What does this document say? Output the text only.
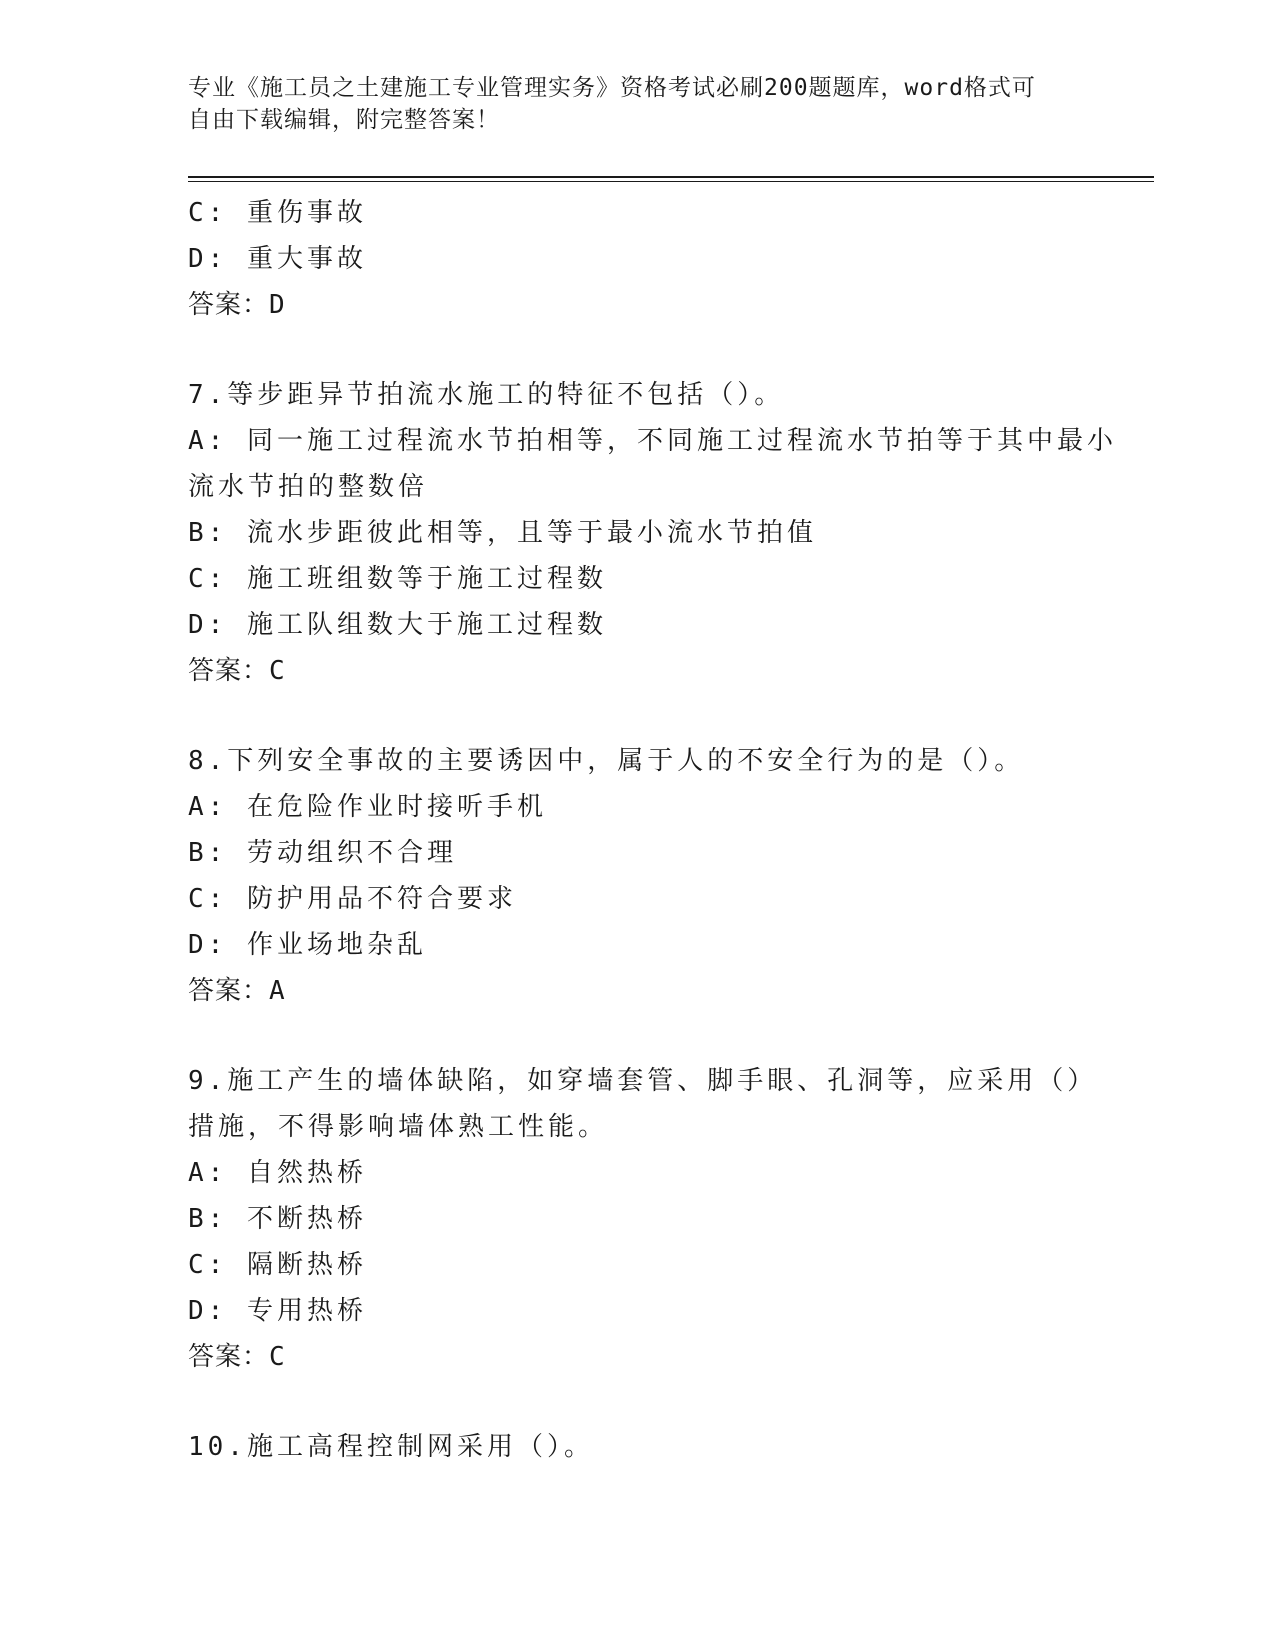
专业《施工员之土建施工专业管理实务》资格考试必刷200题题库，word格式可
自由下载编辑，附完整答案！
C: 重伤事故
D: 重大事故
答案：D
7.等步距异节拍流水施工的特征不包括（）。
A: 同一施工过程流水节拍相等，不同施工过程流水节拍等于其中最小
流水节拍的整数倍
B: 流水步距彼此相等，且等于最小流水节拍值
C: 施工班组数等于施工过程数
D: 施工队组数大于施工过程数
答案：C
8.下列安全事故的主要诱因中，属于人的不安全行为的是（）。
A: 在危险作业时接听手机
B: 劳动组织不合理
C: 防护用品不符合要求
D: 作业场地杂乱
答案：A
9.施工产生的墙体缺陷，如穿墙套管、脚手眼、孔洞等，应采用（）
措施，不得影响墙体熟工性能。
A: 自然热桥
B: 不断热桥
C: 隔断热桥
D: 专用热桥
答案：C
10.施工高程控制网采用（）。
